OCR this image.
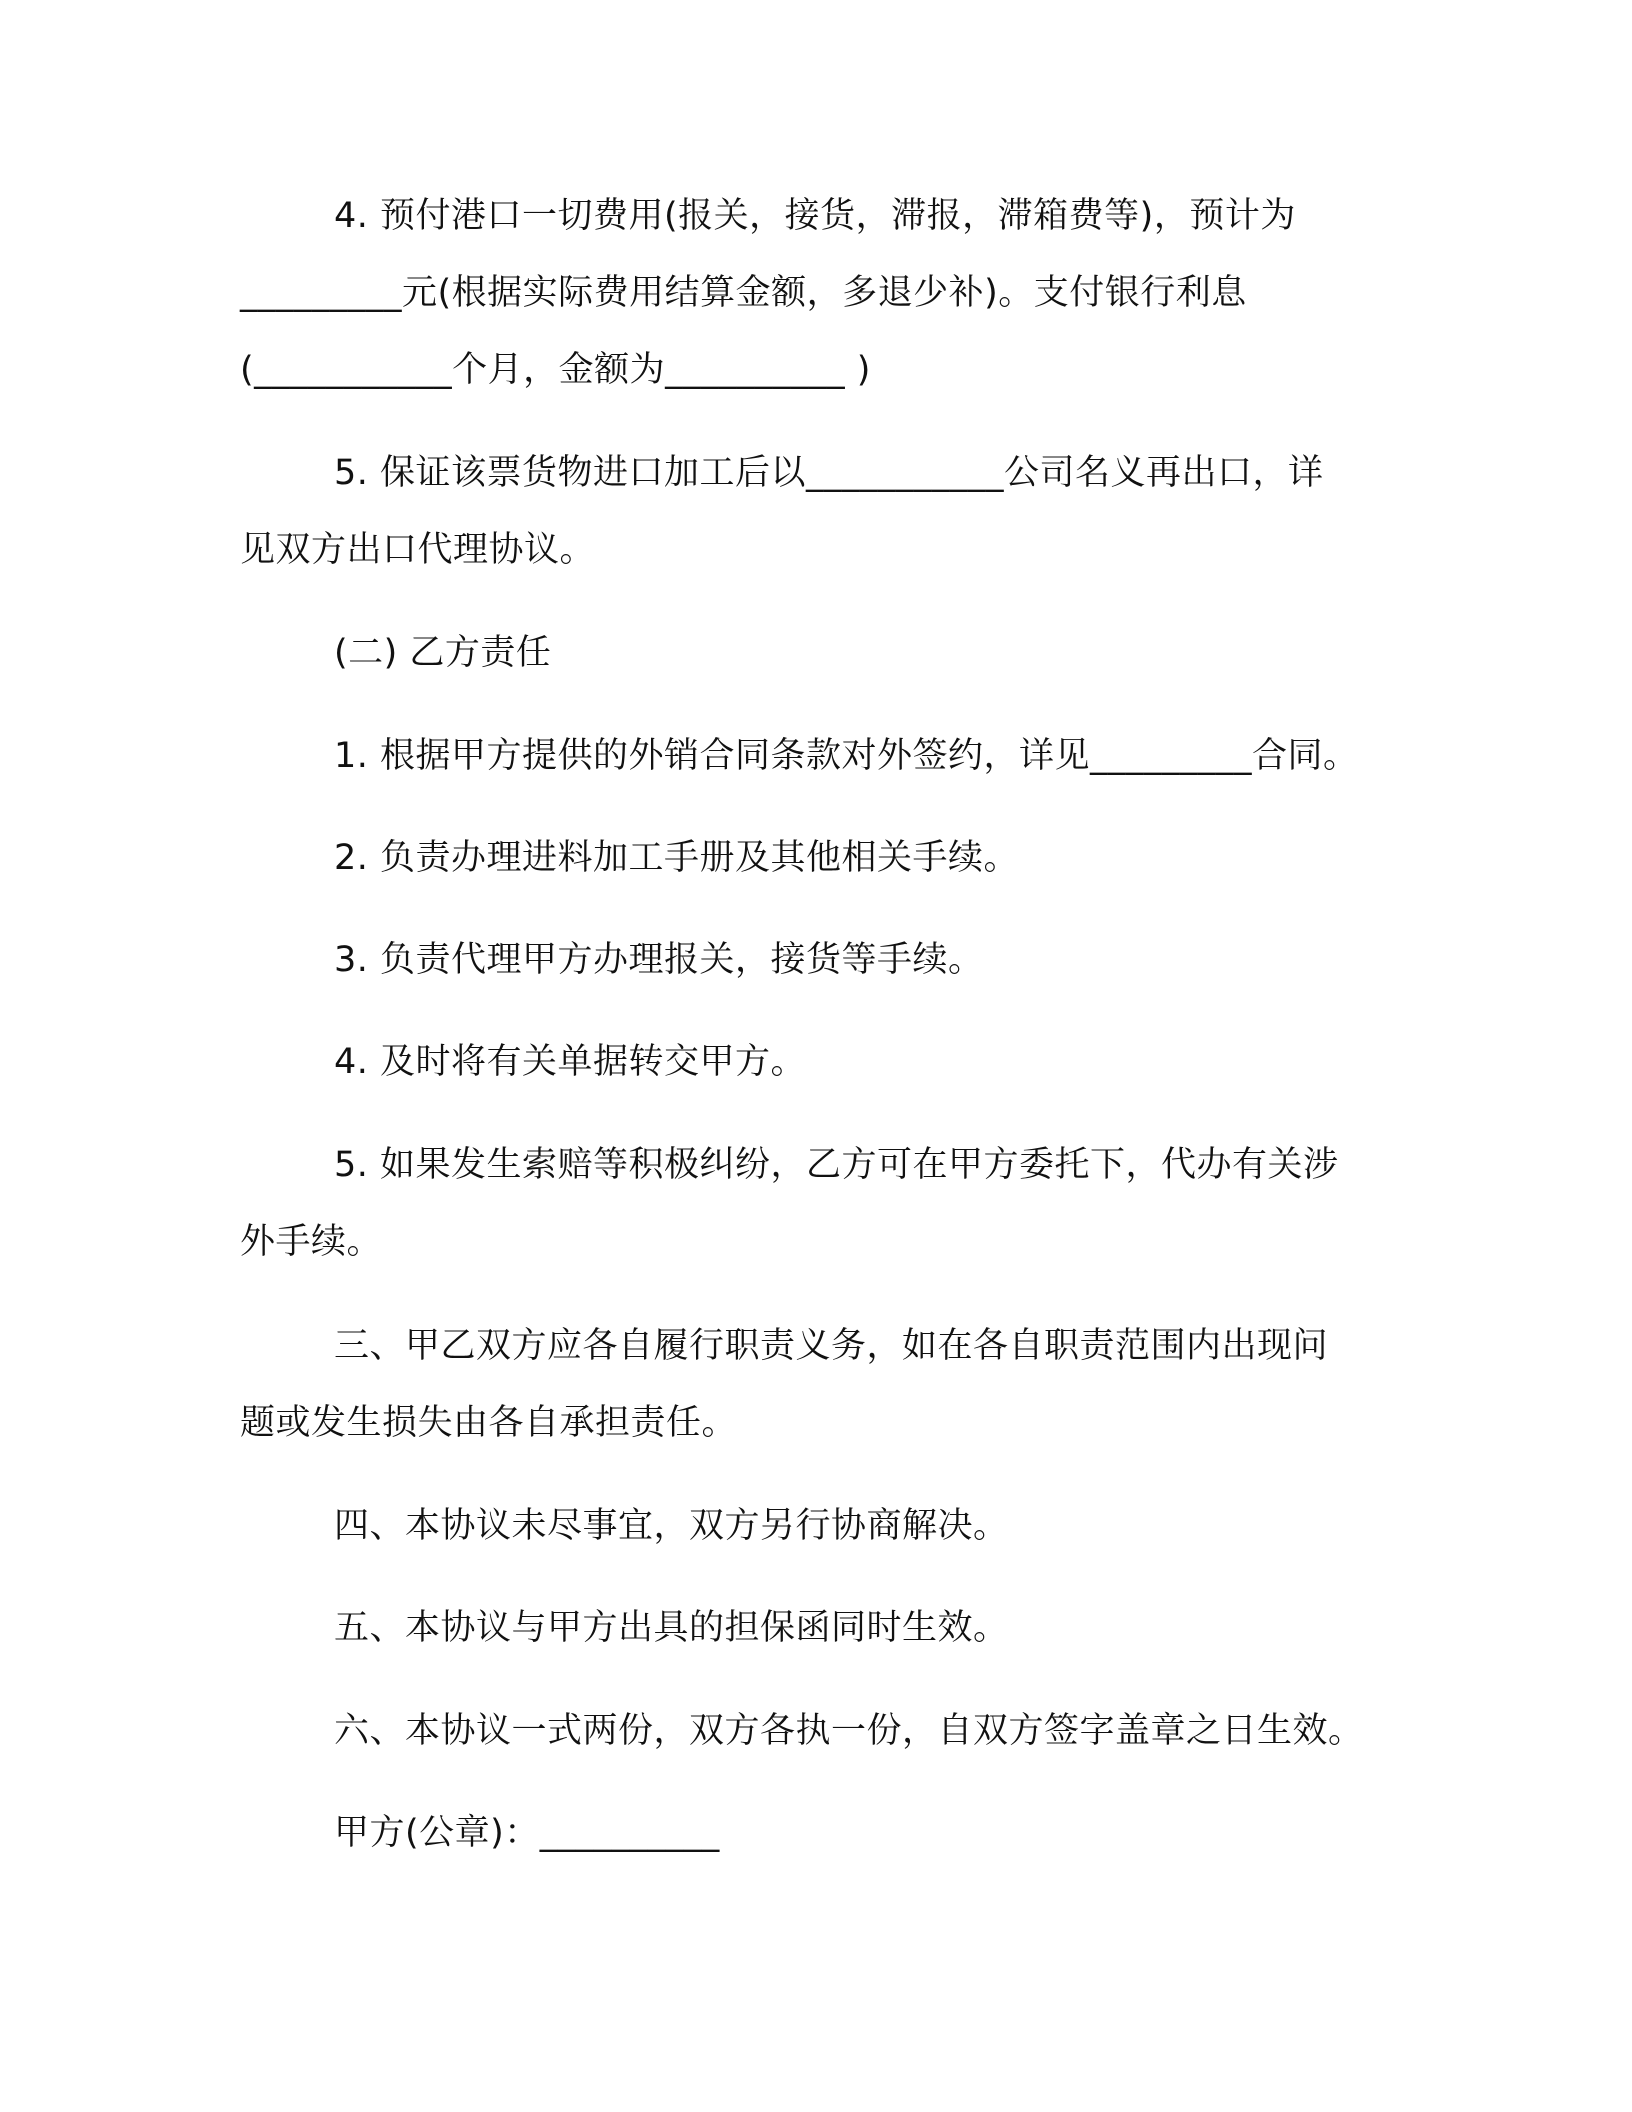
4. 预付港口一切费用(报关，接货，滞报，滞箱费等)，预计为
_________元(根据实际费用结算金额，多退少补)。支付银行利息
(___________个月，金额为__________ )
5. 保证该票货物进口加工后以___________公司名义再出口，详
见双方出口代理协议。
(二) 乙方责任
1. 根据甲方提供的外销合同条款对外签约，详见_________合同。
2. 负责办理进料加工手册及其他相关手续。
3. 负责代理甲方办理报关，接货等手续。
4. 及时将有关单据转交甲方。
5. 如果发生索赔等积极纠纷，乙方可在甲方委托下，代办有关涉
外手续。
三、甲乙双方应各自履行职责义务，如在各自职责范围内出现问
题或发生损失由各自承担责任。
四、本协议未尽事宜，双方另行协商解决。
五、本协议与甲方出具的担保函同时生效。
六、本协议一式两份，双方各执一份，自双方签字盖章之日生效。
甲方(公章)：__________
